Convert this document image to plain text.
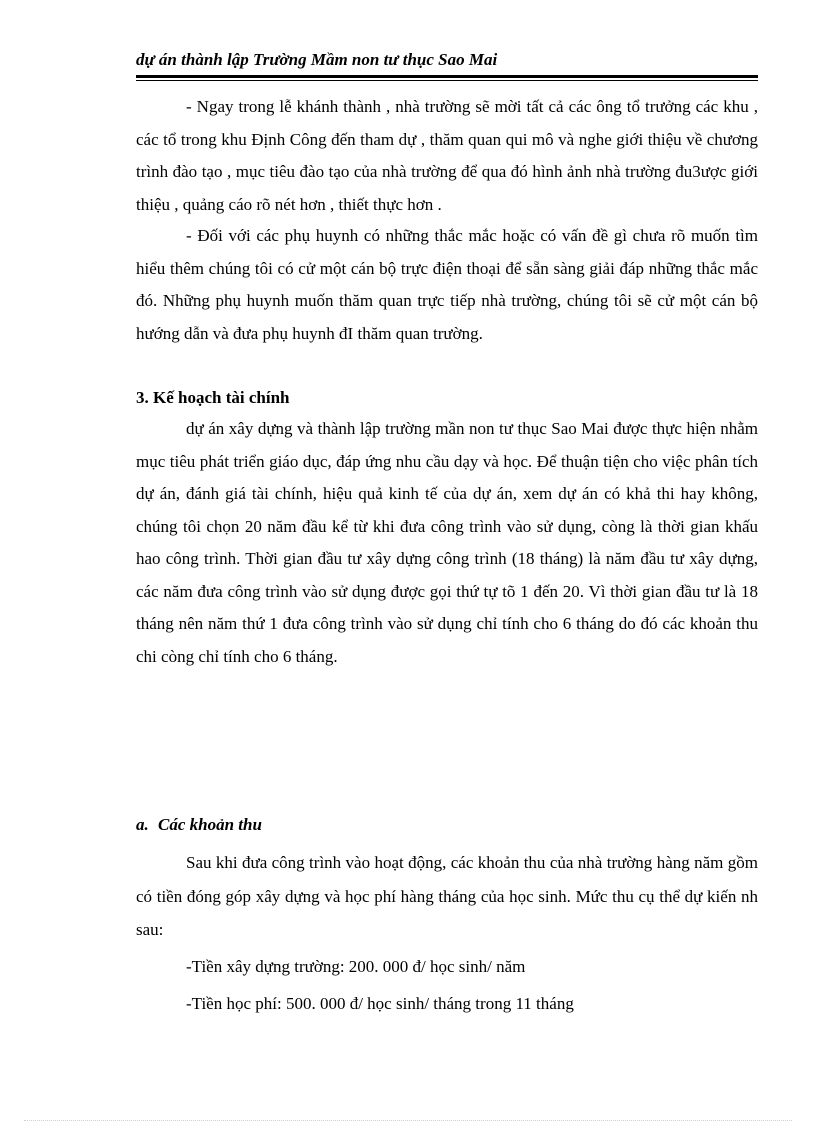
dự án thành lập Trường Mầm non tư thục Sao Mai

- Ngay trong lễ khánh thành , nhà trường sẽ mời tất cả các ông tổ trưởng các khu , các tổ trong khu Định Công đến tham dự , thăm quan qui mô và nghe giới thiệu về chương trình đào tạo , mục tiêu đào tạo của nhà trường để qua đó hình ảnh nhà trường đu3ược giới thiệu , quảng cáo rõ nét hơn , thiết thực hơn .

- Đối với các phụ huynh có những thắc mắc hoặc có vấn đề gì chưa rõ muốn tìm hiểu thêm chúng tôi có cử một cán bộ trực điện thoại để sẵn sàng giải đáp những thắc mắc đó. Những phụ huynh muốn thăm quan trực tiếp nhà trường, chúng tôi sẽ cử một cán bộ hướng dẫn và đưa phụ huynh đI thăm quan trường.

3. Kế hoạch tài chính

dự án xây dựng và thành lập trường mần non tư thục Sao Mai được thực hiện nhằm mục tiêu phát triển giáo dục, đáp ứng nhu cầu dạy và học. Để thuận tiện cho việc phân tích dự án, đánh giá tài chính, hiệu quả kinh tế của dự án, xem dự án có khả thi hay không, chúng tôi chọn 20 năm đầu kể từ khi đưa công trình vào sử dụng, còng là thời gian khấu hao công trình. Thời gian đầu tư xây dựng công trình (18 tháng) là năm đầu tư xây dựng, các năm đưa công trình vào sử dụng được gọi thứ tự tõ 1 đến 20. Vì thời gian đầu tư là 18 tháng nên năm thứ 1 đưa công trình vào sử dụng chỉ tính cho 6 tháng do đó các khoản thu chi còng chỉ tính cho 6 tháng.

a. Các khoản thu

Sau khi đưa công trình vào hoạt động, các khoản thu của nhà trường hàng năm gồm có tiền đóng góp xây dựng và học phí hàng tháng của học sinh. Mức thu cụ thể dự kiến nh sau:

-Tiền xây dựng trường: 200. 000 đ/ học sinh/ năm
-Tiền học phí: 500. 000 đ/ học sinh/ tháng trong 11 tháng
